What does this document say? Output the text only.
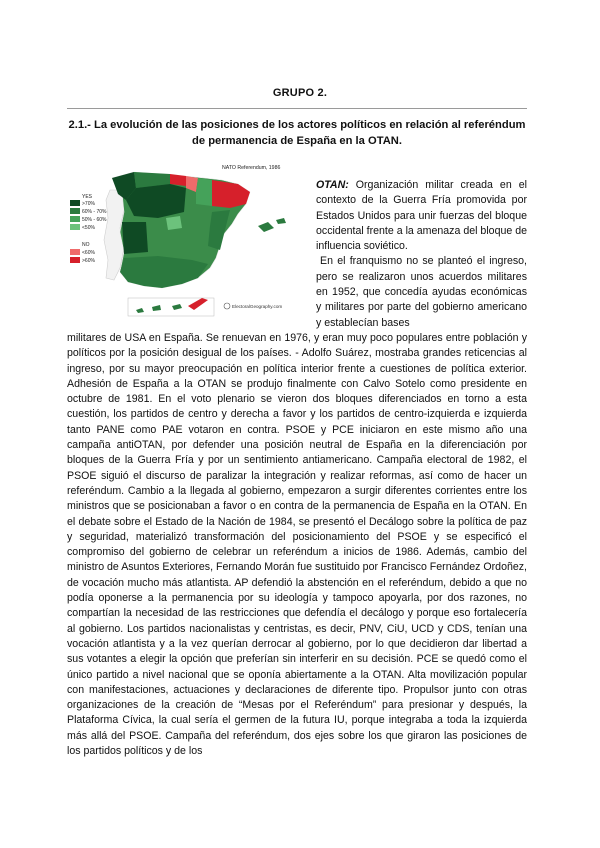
GRUPO 2.
2.1.- La evolución de las posiciones de los actores políticos en relación al referéndum de permanencia de España en la OTAN.
NATO Referendum, 1986
YES
>70%
60% - 70%
50% - 60%
<50%
NO
<60%
>60%
ElectoralGeography.com

OTAN: Organización militar creada en el contexto de la Guerra Fría promovida por Estados Unidos para unir fuerzas del bloque occidental frente a la amenaza del bloque de influencia soviético.

En el franquismo no se planteó el ingreso, pero se realizaron unos acuerdos militares en 1952, que concedía ayudas económicas y militares por parte del gobierno americano y establecían bases

militares de USA en España. Se renuevan en 1976, y eran muy poco populares entre población y políticos por la posición desigual de los países. - Adolfo Suárez, mostraba grandes reticencias al ingreso, por su mayor preocupación en política interior frente a cuestiones de política exterior. Adhesión de España a la OTAN se produjo finalmente con Calvo Sotelo como presidente en octubre de 1981. En el voto plenario se vieron dos bloques diferenciados en torno a esta cuestión, los partidos de centro y derecha a favor y los partidos de centro-izquierda e izquierda tanto PANE como PAE votaron en contra. PSOE y PCE iniciaron en este mismo año una campaña antiOTAN, por defender una posición neutral de España en la diferenciación por bloques de la Guerra Fría y por un sentimiento antiamericano. Campaña electoral de 1982, el PSOE siguió el discurso de paralizar la integración y realizar reformas, así como de hacer un referéndum. Cambio a la llegada al gobierno, empezaron a surgir diferentes corrientes entre los ministros que se posicionaban a favor o en contra de la permanencia de España en la OTAN. En el debate sobre el Estado de la Nación de 1984, se presentó el Decálogo sobre la política de paz y seguridad, materializó transformación del posicionamiento del PSOE y se especificó el compromiso del gobierno de celebrar un referéndum a inicios de 1986. Además, cambio del ministro de Asuntos Exteriores, Fernando Morán fue sustituido por Francisco Fernández Ordoñez, de vocación mucho más atlantista. AP defendió la abstención en el referéndum, debido a que no podía oponerse a la permanencia por su ideología y tampoco apoyarla, por dos razones, no compartían la necesidad de las restricciones que defendía el decálogo y porque eso fortalecería al gobierno. Los partidos nacionalistas y centristas, es decir, PNV, CiU, UCD y CDS, tenían una vocación atlantista y a la vez querían derrocar al gobierno, por lo que decidieron dar libertad a sus votantes a elegir la opción que preferían sin interferir en su decisión. PCE se quedó como el único partido a nivel nacional que se oponía abiertamente a la OTAN. Alta movilización popular con manifestaciones, actuaciones y declaraciones de diferente tipo. Propulsor junto con otras organizaciones de la creación de “Mesas por el Referéndum” para presionar y después, la Plataforma Cívica, la cual sería el germen de la futura IU, porque integraba a toda la izquierda más allá del PSOE. Campaña del referéndum, dos ejes sobre los que giraron las posiciones de los partidos políticos y de los
